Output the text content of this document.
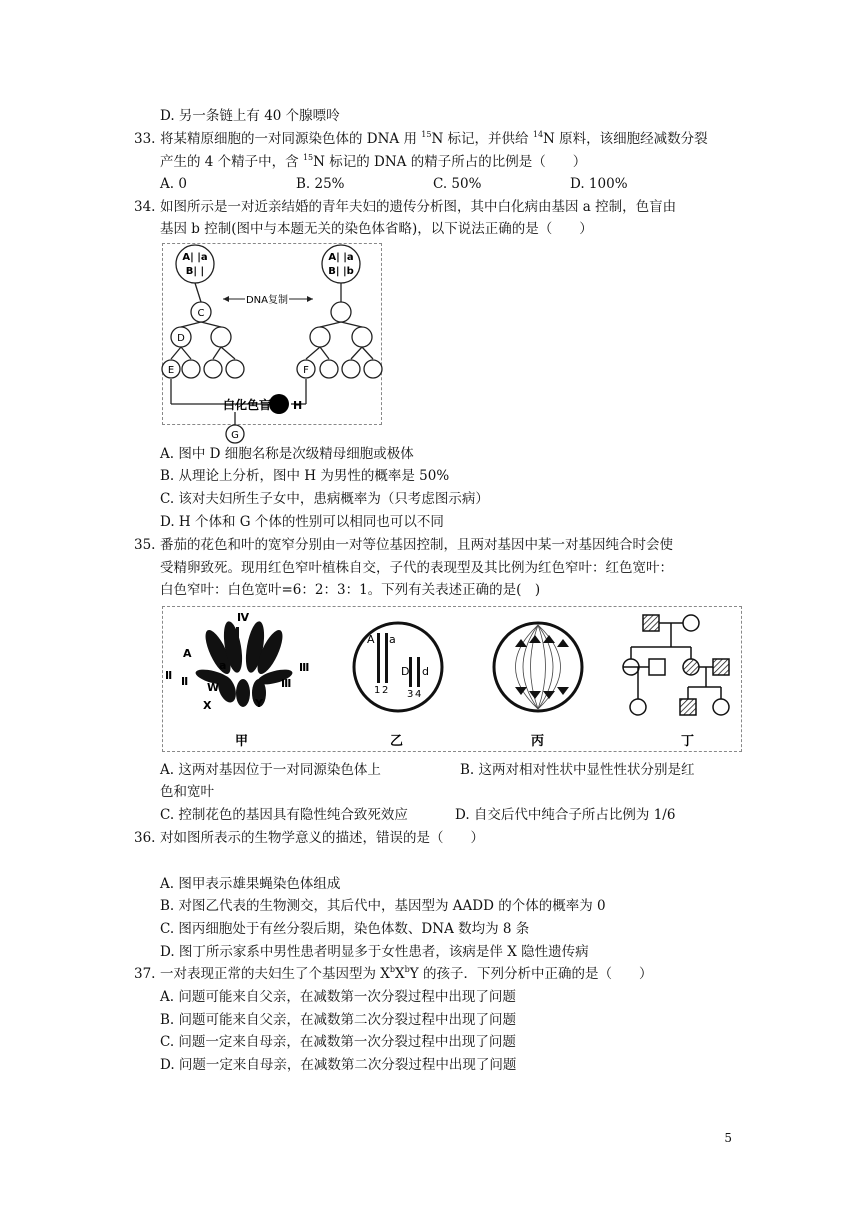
D. 另一条链上有 40 个腺嘌呤
33. 将某精原细胞的一对同源染色体的 DNA 用 $^{15}$N 标记，并供给 $^{14}$N 原料，该细胞经减数分裂
产生的 4 个精子中，含 $^{15}$N 标记的 DNA 的精子所占的比例是（　　）
A. 0	B. 25%	C. 50%	D. 100%
34. 如图所示是一对近亲结婚的青年夫妇的遗传分析图，其中白化病由基因 a 控制，色盲由
基因 b 控制(图中与本题无关的染色体省略)，以下说法正确的是（　　）
DNA复制
A| |a
B| |
A| |a
B| |b
C
D
E	F
G
H
白化色盲
A. 图中 D 细胞名称是次级精母细胞或极体
B. 从理论上分析，图中 H 为男性的概率是 50%
C. 该对夫妇所生子女中，患病概率为（只考虑图示病）
D. H 个体和 G 个体的性别可以相同也可以不同
35. 番茄的花色和叶的宽窄分别由一对等位基因控制，且两对基因中某一对基因纯合时会使
受精卵致死。现用红色窄叶植株自交，子代的表现型及其比例为红色窄叶：红色宽叶：
白色窄叶：白色宽叶=6：2：3：1。下列有关表述正确的是(　)
Ⅳ
A
a
Ⅱ Ⅱ
Ⅲ
Ⅲ
W
X	Y
A a
1 2
D d
3 4
甲	乙	丙	丁
A. 这两对基因位于一对同源染色体上	B. 这两对相对性状中显性性状分别是红
色和宽叶
C. 控制花色的基因具有隐性纯合致死效应	D. 自交后代中纯合子所占比例为 1/6
36. 对如图所表示的生物学意义的描述，错误的是（　　）
A. 图甲表示雄果蝇染色体组成
B. 对图乙代表的生物测交，其后代中，基因型为 AADD 的个体的概率为 0
C. 图丙细胞处于有丝分裂后期，染色体数、DNA 数均为 8 条
D. 图丁所示家系中男性患者明显多于女性患者，该病是伴 X 隐性遗传病
37. 一对表现正常的夫妇生了个基因型为 $X^bX^bY$ 的孩子．下列分析中正确的是（　　）
A. 问题可能来自父亲，在减数第一次分裂过程中出现了问题
B. 问题可能来自父亲，在减数第二次分裂过程中出现了问题
C. 问题一定来自母亲，在减数第一次分裂过程中出现了问题
D. 问题一定来自母亲，在减数第二次分裂过程中出现了问题
5
